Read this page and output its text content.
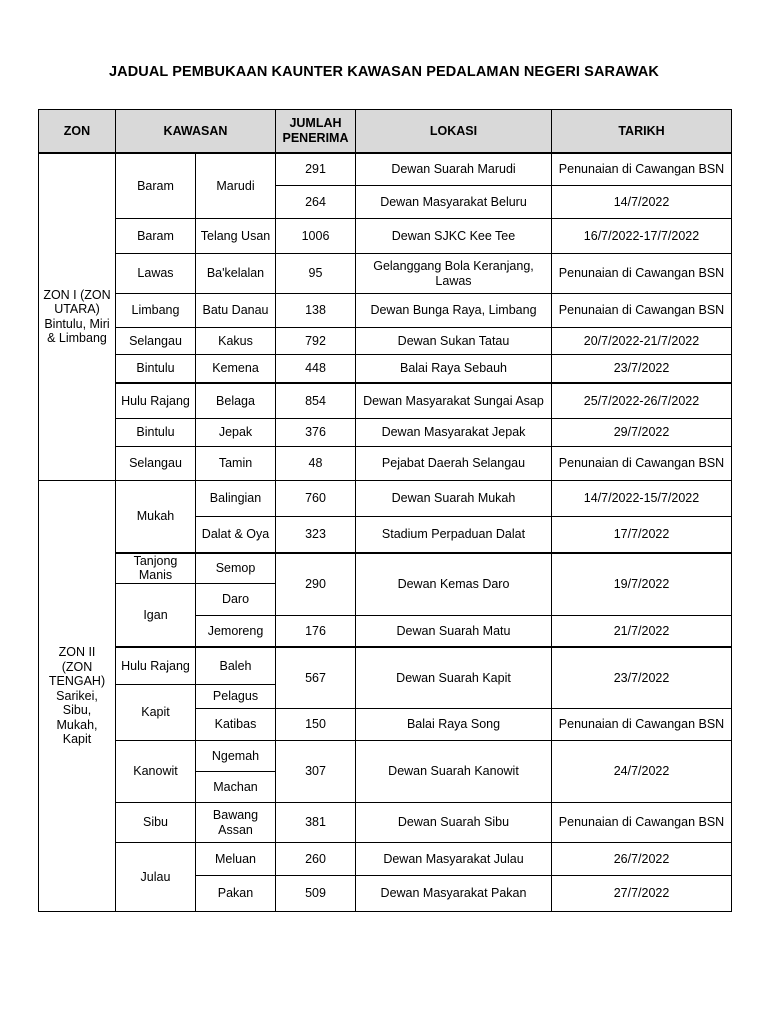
JADUAL PEMBUKAAN KAUNTER KAWASAN PEDALAMAN NEGERI SARAWAK
ZON	KAWASAN		JUMLAH PENERIMA	LOKASI	TARIKH
ZON I (ZON UTARA) Bintulu, Miri & Limbang	Baram	Marudi	291	Dewan Suarah Marudi	Penunaian di Cawangan BSN
			264	Dewan Masyarakat Beluru	14/7/2022
	Baram	Telang Usan	1006	Dewan SJKC Kee Tee	16/7/2022-17/7/2022
	Lawas	Ba'kelalan	95	Gelanggang Bola Keranjang, Lawas	Penunaian di Cawangan BSN
	Limbang	Batu Danau	138	Dewan Bunga Raya, Limbang	Penunaian di Cawangan BSN
	Selangau	Kakus	792	Dewan Sukan Tatau	20/7/2022-21/7/2022
	Bintulu	Kemena	448	Balai Raya Sebauh	23/7/2022
	Hulu Rajang	Belaga	854	Dewan Masyarakat Sungai Asap	25/7/2022-26/7/2022
	Bintulu	Jepak	376	Dewan Masyarakat Jepak	29/7/2022
	Selangau	Tamin	48	Pejabat Daerah Selangau	Penunaian di Cawangan BSN
ZON II (ZON TENGAH) Sarikei, Sibu, Mukah, Kapit	Mukah	Balingian	760	Dewan Suarah Mukah	14/7/2022-15/7/2022
		Dalat & Oya	323	Stadium Perpaduan Dalat	17/7/2022
	Tanjong Manis	Semop	290	Dewan Kemas Daro	19/7/2022
	Igan	Daro			
		Jemoreng	176	Dewan Suarah Matu	21/7/2022
	Hulu Rajang	Baleh	567	Dewan Suarah Kapit	23/7/2022
	Kapit	Pelagus			
		Katibas	150	Balai Raya Song	Penunaian di Cawangan BSN
	Kanowit	Ngemah	307	Dewan Suarah Kanowit	24/7/2022
		Machan			
	Sibu	Bawang Assan	381	Dewan Suarah Sibu	Penunaian di Cawangan BSN
	Julau	Meluan	260	Dewan Masyarakat Julau	26/7/2022
		Pakan	509	Dewan Masyarakat Pakan	27/7/2022
